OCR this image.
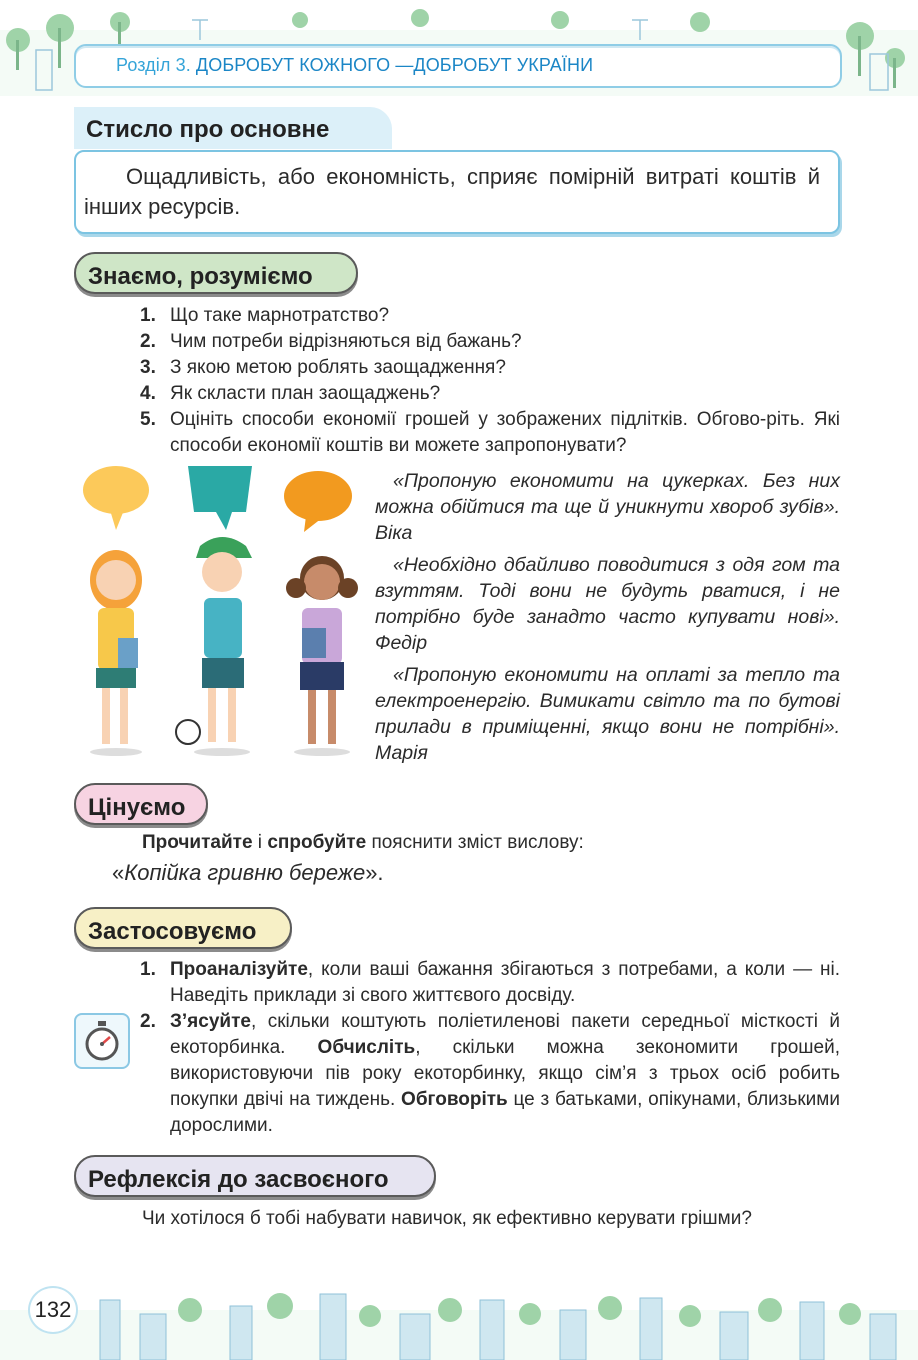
Розділ 3. ДОБРОБУТ КОЖНОГО —ДОБРОБУТ УКРАЇНИ
Стисло про основне
Ощадливість, або економність, сприяє помірній витраті коштів й інших ресурсів.
Знаємо, розуміємо
1. Що таке марнотратство?
2. Чим потреби відрізняються від бажань?
3. З якою метою роблять заощадження?
4. Як скласти план заощаджень?
5. Оцініть способи економії грошей у зображених підлітків. Обгово-ріть. Які способи економії коштів ви можете запропонувати?

«Пропоную економити на цукерках. Без них можна обійтися та ще й уникнути хвороб зубів». Віка

«Необхідно дбайливо поводитися з одя гом та взуттям. Тоді вони не будуть рватися, і не потрібно буде занадто часто купувати нові». Федір

«Пропоную економити на оплаті за тепло та електроенергію. Вимикати світло та по бутові прилади в приміщенні, якщо вони не потрібні». Марія

Цінуємо
Прочитайте і спробуйте пояснити зміст вислову:
«Копійка гривню береже».
Застосовуємо
1. Проаналізуйте, коли ваші бажання збігаються з потребами, а коли — ні. Наведіть приклади зі свого життєвого досвіду.
2. З’ясуйте, скільки коштують поліетиленові пакети середньої місткості й екоторбинка. Обчисліть, скільки можна зекономити грошей, використовуючи пів року екоторбинку, якщо сім’я з трьох осіб робить покупки двічі на тиждень. Обговоріть це з батьками, опікунами, близькими дорослими.
Рефлексія до засвоєного
Чи хотілося б тобі набувати навичок, як ефективно керувати грішми?
132
